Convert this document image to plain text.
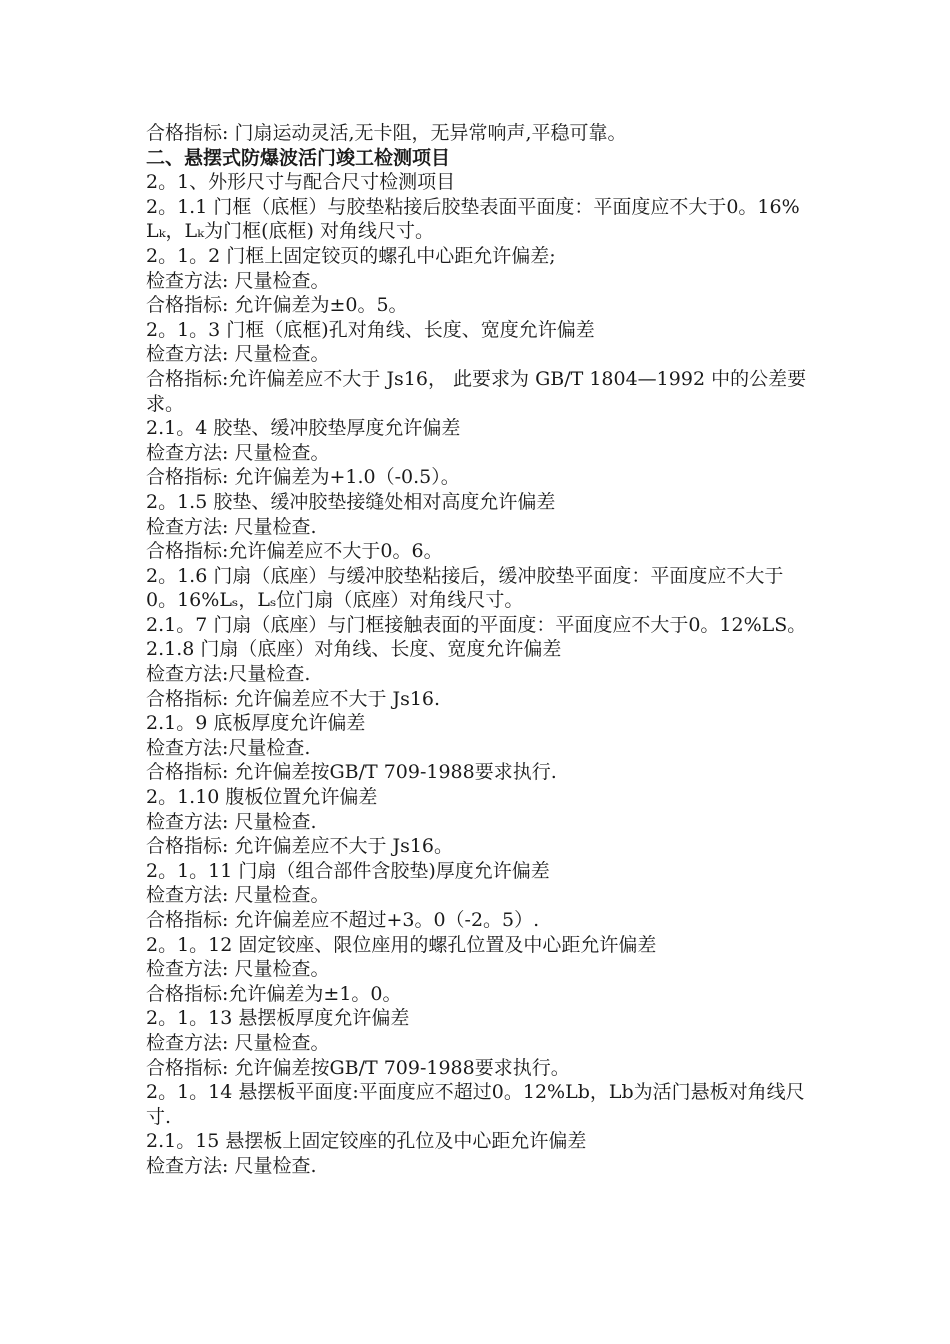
合格指标: 门扇运动灵活,无卡阻，无异常响声,平稳可靠。
二、悬摆式防爆波活门竣工检测项目
2。1、外形尺寸与配合尺寸检测项目
2。1.1 门框（底框）与胶垫粘接后胶垫表面平面度：平面度应不大于0。16%Lₖ，Lₖ为门框(底框) 对角线尺寸。
2。1。2 门框上固定铰页的螺孔中心距允许偏差;
检查方法: 尺量检查。
合格指标: 允许偏差为±0。5。
2。1。3 门框（底框)孔对角线、长度、宽度允许偏差
检查方法: 尺量检查。
合格指标:允许偏差应不大于 Js16， 此要求为 GB/T 1804—1992 中的公差要求。
2.1。4 胶垫、缓冲胶垫厚度允许偏差
检查方法: 尺量检查。
合格指标: 允许偏差为+1.0（-0.5）。
2。1.5 胶垫、缓冲胶垫接缝处相对高度允许偏差
检查方法: 尺量检查.
合格指标:允许偏差应不大于0。6。
2。1.6 门扇（底座）与缓冲胶垫粘接后，缓冲胶垫平面度：平面度应不大于0。16%Lₛ，Lₛ位门扇（底座）对角线尺寸。
2.1。7 门扇（底座）与门框接触表面的平面度：平面度应不大于0。12%LS。
2.1.8 门扇（底座）对角线、长度、宽度允许偏差
检查方法:尺量检查.
合格指标: 允许偏差应不大于 Js16.
2.1。9 底板厚度允许偏差
检查方法:尺量检查.
合格指标: 允许偏差按GB/T 709-1988要求执行.
2。1.10 腹板位置允许偏差
检查方法: 尺量检查.
合格指标: 允许偏差应不大于 Js16。
2。1。11 门扇（组合部件含胶垫)厚度允许偏差
检查方法: 尺量检查。
合格指标: 允许偏差应不超过+3。0（-2。5）.
2。1。12 固定铰座、限位座用的螺孔位置及中心距允许偏差
检查方法: 尺量检查。
合格指标:允许偏差为±1。0。
2。1。13 悬摆板厚度允许偏差
检查方法: 尺量检查。
合格指标: 允许偏差按GB/T 709-1988要求执行。
2。1。14 悬摆板平面度:平面度应不超过0。12%Lb，Lb为活门悬板对角线尺寸.
2.1。15 悬摆板上固定铰座的孔位及中心距允许偏差
检查方法: 尺量检查.
